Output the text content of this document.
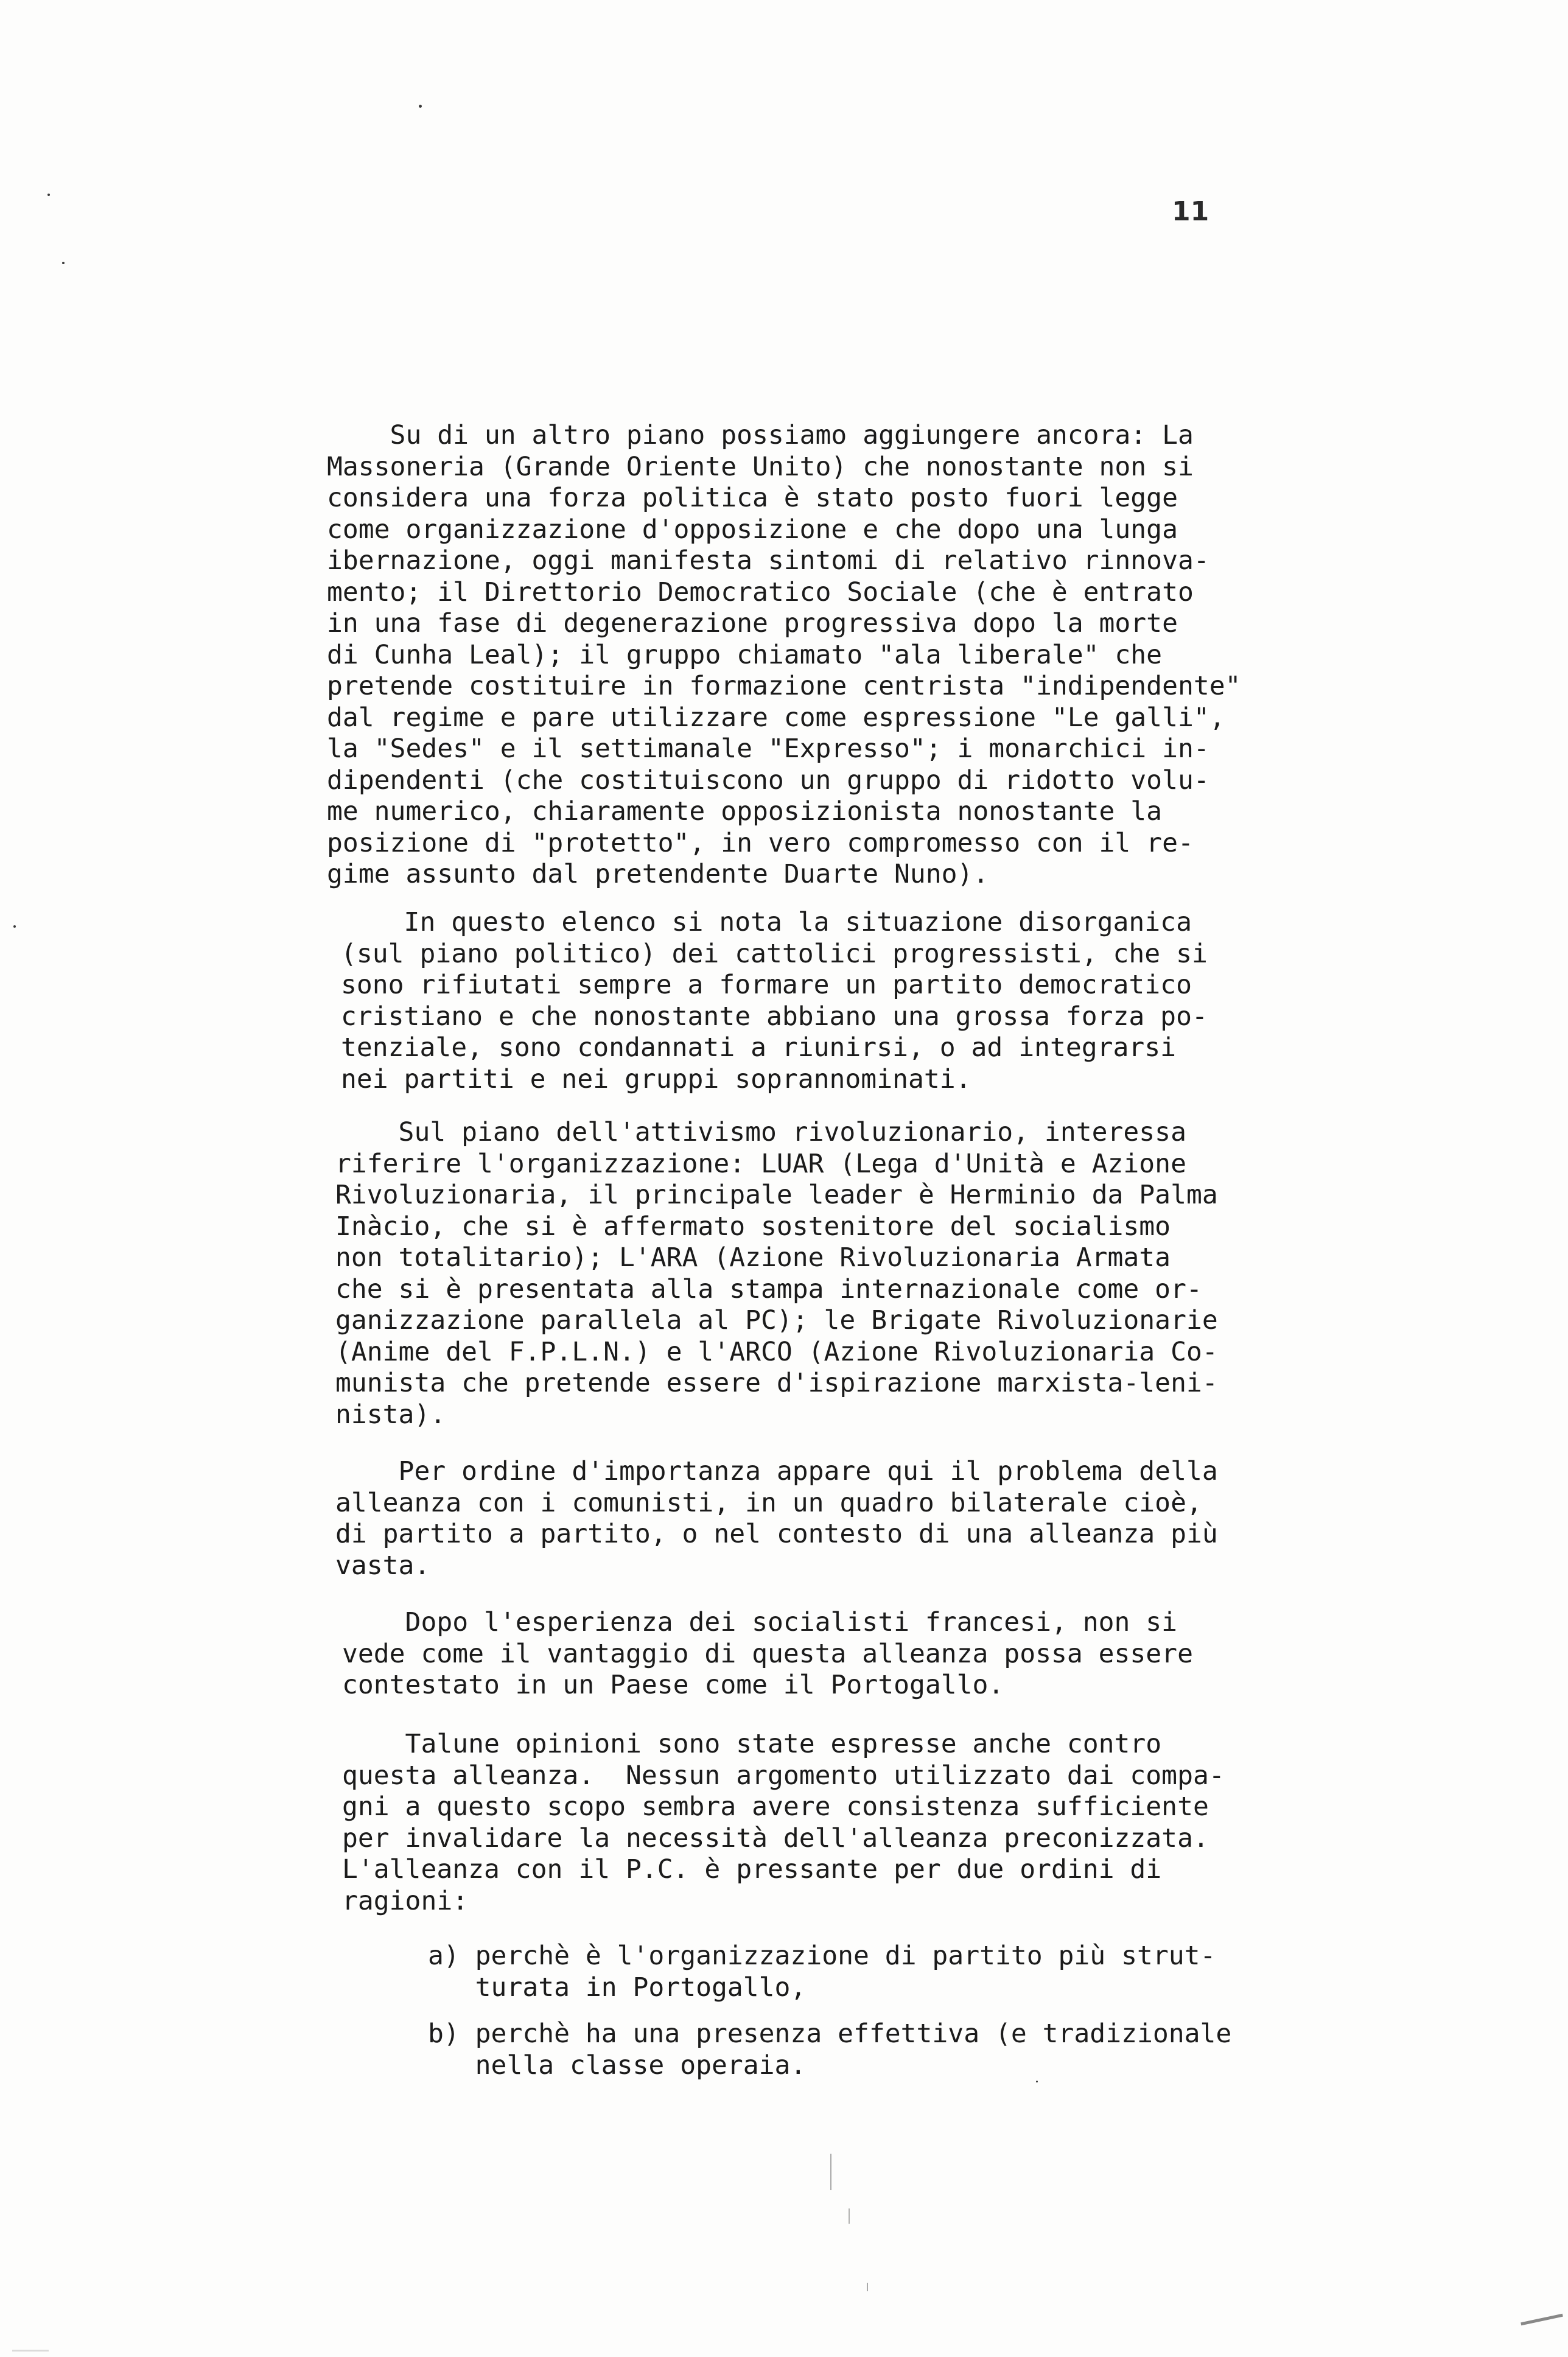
11
Su di un altro piano possiamo aggiungere ancora: La
Massoneria (Grande Oriente Unito) che nonostante non si
considera una forza politica è stato posto fuori legge
come organizzazione d'opposizione e che dopo una lunga
ibernazione, oggi manifesta sintomi di relativo rinnova-
mento; il Direttorio Democratico Sociale (che è entrato
in una fase di degenerazione progressiva dopo la morte
di Cunha Leal); il gruppo chiamato "ala liberale" che
pretende costituire in formazione centrista "indipendente"
dal regime e pare utilizzare come espressione "Le galli",
la "Sedes" e il settimanale "Expresso"; i monarchici in-
dipendenti (che costituiscono un gruppo di ridotto volu-
me numerico, chiaramente opposizionista nonostante la
posizione di "protetto", in vero compromesso con il re-
gime assunto dal pretendente Duarte Nuno).
In questo elenco si nota la situazione disorganica
(sul piano politico) dei cattolici progressisti, che si
sono rifiutati sempre a formare un partito democratico
cristiano e che nonostante abbiano una grossa forza po-
tenziale, sono condannati a riunirsi, o ad integrarsi
nei partiti e nei gruppi soprannominati.
Sul piano dell'attivismo rivoluzionario, interessa
riferire l'organizzazione: LUAR (Lega d'Unità e Azione
Rivoluzionaria, il principale leader è Herminio da Palma
Inàcio, che si è affermato sostenitore del socialismo
non totalitario); L'ARA (Azione Rivoluzionaria Armata
che si è presentata alla stampa internazionale come or-
ganizzazione parallela al PC); le Brigate Rivoluzionarie
(Anime del F.P.L.N.) e l'ARCO (Azione Rivoluzionaria Co-
munista che pretende essere d'ispirazione marxista-leni-
nista).
Per ordine d'importanza appare qui il problema della
alleanza con i comunisti, in un quadro bilaterale cioè,
di partito a partito, o nel contesto di una alleanza più
vasta.
Dopo l'esperienza dei socialisti francesi, non si
vede come il vantaggio di questa alleanza possa essere
contestato in un Paese come il Portogallo.
Talune opinioni sono state espresse anche contro
questa alleanza.  Nessun argomento utilizzato dai compa-
gni a questo scopo sembra avere consistenza sufficiente
per invalidare la necessità dell'alleanza preconizzata.
L'alleanza con il P.C. è pressante per due ordini di
ragioni:
a) perchè è l'organizzazione di partito più strut-
turata in Portogallo,
b) perchè ha una presenza effettiva (e tradizionale
nella classe operaia.
